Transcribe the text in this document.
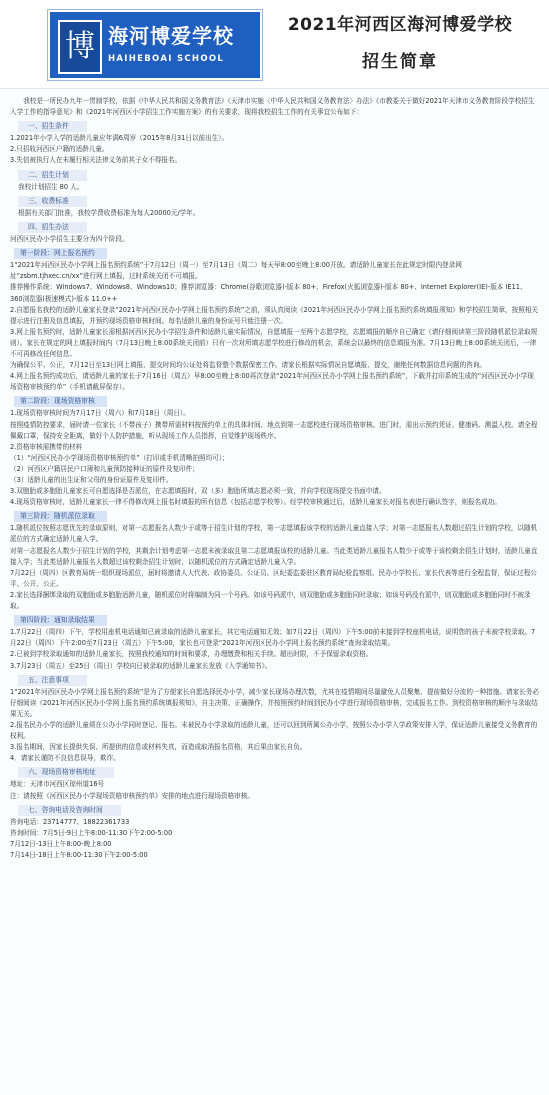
博 海河博爱学校
HAIHEBOAI SCHOOL
2021年河西区海河博爱学校
招生简章

我校是一所民办九年一贯制学校，依据《中华人民共和国义务教育法》《天津市实施〈中华人民共和国义务教育法〉办法》《市教委关于做好2021年天津市义务教育阶段学校招生入学工作的指导意见》和《2021年河西区小学招生工作实施方案》的有关要求，现将我校招生工作的有关事宜公布如下：

一、招生条件

1.2021年小学入学的适龄儿童应年满6周岁（2015年8月31日以前出生）。

2.只招收河西区户籍的适龄儿童。

3.失信被执行人在未履行相关法律义务前其子女不得报名。

二、招生计划

我校计划招生 80 人。

三、收费标准

根据有关部门批准，我校学费收费标准为每人20000元/学年。

四、招生办法

河西区民办小学招生主要分为四个阶段。

第一阶段：网上报名预约

1“2021年河西区民办小学网上报名预约系统”于7月12日（周一）至7月13日（周二）每天早8:00至晚上8:00开放。请适龄儿童家长在此规定时限内登录网址“zsbm.tjhxec.cn/xx”进行网上填报，过时系统关闭不可填报。

推荐操作系统：Windows7、Windows8、Windows10；推荐浏览器：Chrome(谷歌浏览器)-版本 80+、Firefox(火狐浏览器)-版本 80+、Internet Explorer(IE)-版本 IE11、360浏览器(极速模式)-版本 11.0++

2.自愿报名我校的适龄儿童家长登录“2021年河西区民办小学网上报名预约系统”之前，须认真阅读《2021年河西区民办小学网上报名预约系统填报须知》和学校招生简章，按照相关提示进行注册及信息填报，并预约现场资格审核时间。每名适龄儿童的身份证号只能注册一次。

3.网上报名预约时，适龄儿童家长需根据河西区民办小学招生条件和适龄儿童实际情况，自愿填报一至两个志愿学校，志愿填报的顺序自己确定（请仔细阅读第三阶段随机派位录取规则）。家长在规定的网上填报时间内（7月13日晚上8:00系统关闭前）只有一次对所填志愿学校进行修改的机会，系统会以最终的信息填报为准。7月13日晚上8:00系统关闭后，一律不可再修改任何信息。

为确保公平、公正，7月12日至13日网上填报、提交时间均公证处将监督整个数据保密工作。请家长根据实际情况自愿填报、提交，谢绝任何数据信息问题的咨询。

4.网上报名预约成功后，请适龄儿童的家长于7月16日（周五）早8:00至晚上8:00再次登录“2021年河西区民办小学网上报名预约系统”，下载并打印系统生成的“河西区民办小学现场资格审核预约单”（手机请截屏保存）。

第二阶段：现场资格审核

1.现场资格审核时间为7月17日（周六）和7月18日（周日）。

按照疫情防控要求，届时请一位家长（不带孩子）携带所需材料按预约单上的具体时间、地点到第一志愿校进行现场资格审核。进门时，需出示预约凭证、健康码、测温入校。请全程佩戴口罩，保持安全距离，做好个人防护措施，听从现场工作人员指挥，自觉维护现场秩序。

2.资格审核需携带的材料

（1）“河西区民办小学现场资格审核预约单”（打印或手机清晰拍照均可）；

（2）河西区户籍居民户口簿和儿童预防接种证的原件及复印件；

（3）适龄儿童的出生证和父母的身份证原件及复印件。

3.双胞胎或多胞胎儿童家长可自愿选择是否派位，在志愿填报时，双（多）胞胎所填志愿必须一致，并向学校现场提交书面申请。

4.现场资格审核时，适龄儿童家长一律不得修改网上报名时填报的所有信息（包括志愿学校等）。经学校审核通过后，适龄儿童家长对报名表进行确认签字，则报名成功。

第三阶段：随机派位录取

1.随机派位按照志愿优先的录取原则，对第一志愿报名人数少于或等于招生计划的学校，第一志愿填报该学校的适龄儿童直接入学；对第一志愿报名人数超过招生计划的学校，以随机派位的方式确定适龄儿童入学。

对第一志愿报名人数少于招生计划的学校，其剩余计划考虑第一志愿未被录取且第二志愿填报该校的适龄儿童。当此类适龄儿童报名人数少于或等于该校剩余招生计划时，适龄儿童直接入学；当此类适龄儿童报名人数超过该校剩余招生计划时，以随机派位的方式确定适龄儿童入学。

7月22日（周四）区教育局统一组织现场派位，届时将邀请人大代表、政协委员、公证员、区纪委监委驻区教育局纪检监察组、民办小学校长、家长代表等进行全程监督，保证过程公平、公开、公正。

2.家长选择捆绑录取的双胞胎或多胞胎适龄儿童，随机派位时将编制为同一个号码。如该号码派中，则双胞胎或多胞胎同时录取；如该号码没有派中，则双胞胎或多胞胎同时不被录取。

第四阶段：通知录取结果

1.7月22日（周四）下午，学校用座机电话通知已被录取的适龄儿童家长，其它电话通知无效；如7月22日（周四）下午5:00前未接到学校座机电话，说明您的孩子未被学校录取。7月22日（周四）下午2:00至7月23日（周五）下午5:00，家长也可登录“2021年河西区民办小学网上报名预约系统”查询录取结果。

2.已被到学校录取通知的适龄儿童家长，按照我校通知的时间和要求，办理缴费和相关手续。超出时限，不予保留录取资格。

3.7月23日（周五）至25日（周日）学校向已被录取的适龄儿童家长发放《入学通知书》。

五、注意事项

1“2021年河西区民办小学网上报名预约系统”是为了方便家长自愿选择民办小学，减少家长现场办理次数，尤其在疫情期间尽量避免人员聚集、提前做好分流的一种措施。请家长务必仔细阅读《2021年河西区民办小学网上报名预约系统填报须知》，自主决策、正确操作，并按照预约时间到民办小学进行现场资格审核，完成报名工作。到校资格审核的顺序与录取结果无关。

2.报名民办小学的适龄儿童须在公办小学同时登记、报名。未被民办小学录取的适龄儿童，还可以回到所属公办小学，按照公办小学入学政策安排入学，保证适龄儿童接受义务教育的权利。

3.报名期间，因家长提供失误、所提供的信息或材料失真，而造成取消报名资格，其后果由家长自负。

4．请家长谨防不良信息误导，欺诈。

六、现场资格审核地址

地址：天津市河西区琼州道16号

注：请按照《河西区民办小学现场资格审核预约单》安排的地点进行现场资格审核。

七、咨询电话及咨询时间

咨询电话：23714777、18822361733

咨询时间：7月5日-9日上午8:00-11:30下午2:00-5:00

7月12日-13日上午8:00-晚上8:00

7月14日-18日上午8:00-11:30下午2:00-5:00
